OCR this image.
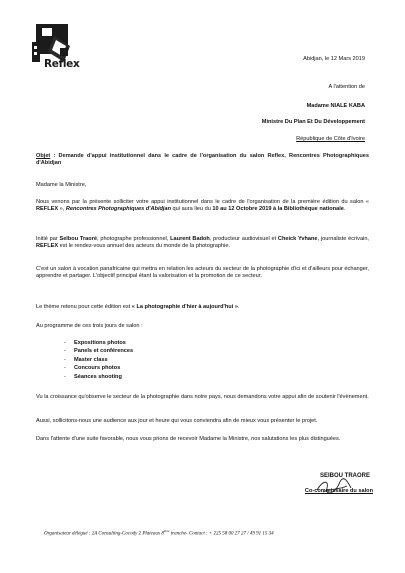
Reflex	Abidjan, le 12 Mars 2019
A l'attention de
Madame NIALE KABA
Ministre Du Plan Et Du Développement
République de Côte d'Ivoire
Objet : Demande d'appui institutionnel dans le cadre de l'organisation du salon Reflex, Rencontres Photographiques d'Abidjan
Madame la Ministre,
Nous venons par la présente solliciter votre appui institutionnel dans le cadre de l'organisation de la première édition du salon « REFLEX », Rencontres Photographiques d'Abidjan qui aura lieu du 10 au 12 Octobre 2019 à la Bibliothèque nationale.
Initié par Seïbou Traoré, photographe professionnel, Laurent Badoh, producteur audiovisuel et Cheick Yvhane, journaliste écrivain, REFLEX est le rendez-vous annuel des acteurs du monde de la photographie.
C'est un salon à vocation panafricaine qui mettra en relation les acteurs du secteur de la photographie d'ici et d'ailleurs pour échanger, apprendre et partager. L'objectif principal étant la valorisation et la promotion de ce secteur.
Le thème retenu pour cette édition est « La photographie d'hier à aujourd'hui ».
Au programme de ces trois jours de salon :
- Expositions photos
- Panels et conférences
- Master class
- Concours photos
- Séances shooting
Vu la croissance qu'observe le secteur de la photographie dans notre pays, nous demandons votre appui afin de soutenir l'évènement.
Aussi, sollicitons-nous une audience aux jour et heure qui vous conviendra afin de mieux vous présenter le projet.
Dans l'attente d'une suite favorable, nous vous prions de recevoir Madame la Ministre, nos salutations les plus distinguées.
SEIBOU TRAORE
Co-commissaire du salon
Organisateur délégué : 2A Consulting-Cocody 2 Plateaux 8ème tranche- Contact : + 225 58 00 27 27 / 49 91 15 34
